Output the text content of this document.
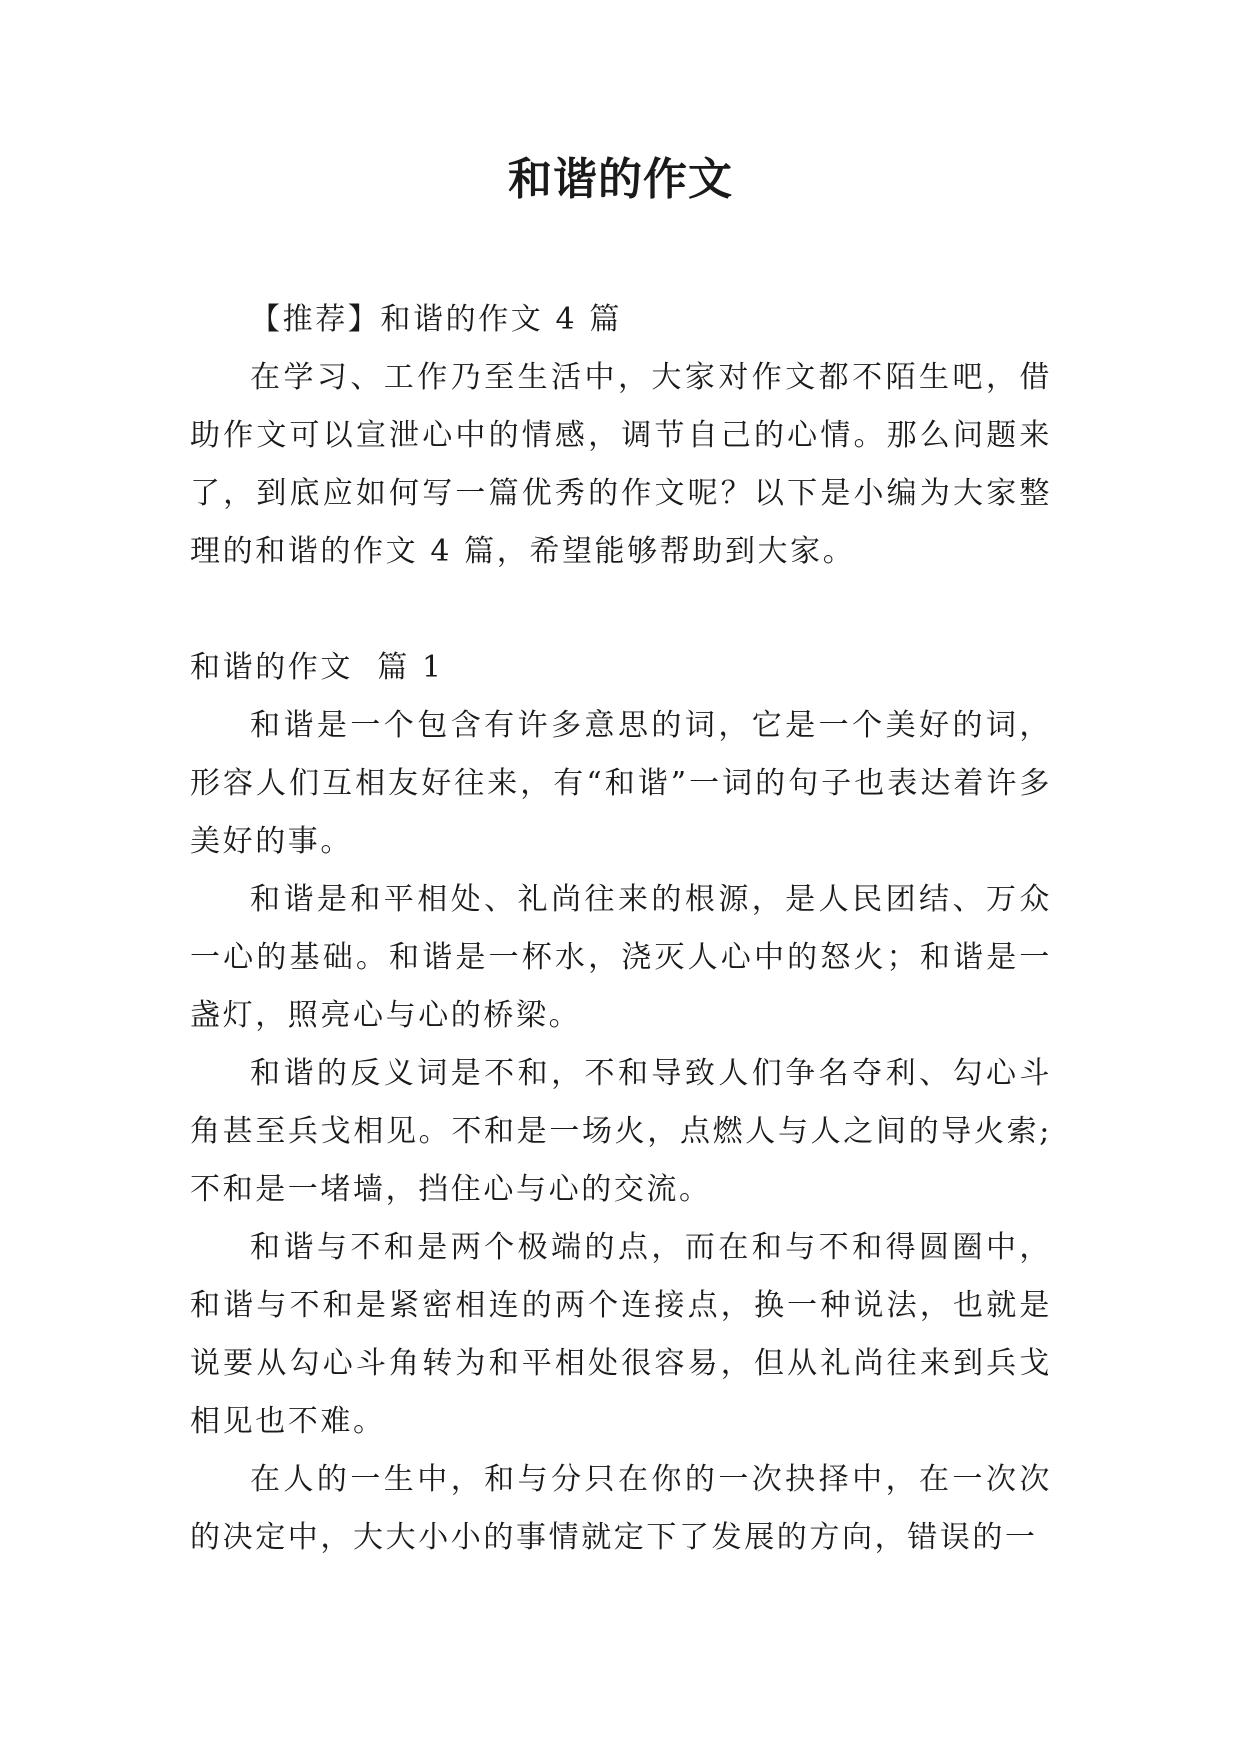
和谐的作文

【推荐】和谐的作文 4 篇

在学习、工作乃至生活中，大家对作文都不陌生吧，借助作文可以宣泄心中的情感，调节自己的心情。那么问题来了，到底应如何写一篇优秀的作文呢？以下是小编为大家整理的和谐的作文 4 篇，希望能够帮助到大家。

和谐的作文  篇 1

和谐是一个包含有许多意思的词，它是一个美好的词，形容人们互相友好往来，有“和谐”一词的句子也表达着许多美好的事。

和谐是和平相处、礼尚往来的根源，是人民团结、万众一心的基础。和谐是一杯水，浇灭人心中的怒火；和谐是一盏灯，照亮心与心的桥梁。

和谐的反义词是不和，不和导致人们争名夺利、勾心斗角甚至兵戈相见。不和是一场火，点燃人与人之间的导火索;不和是一堵墙，挡住心与心的交流。

和谐与不和是两个极端的点，而在和与不和得圆圈中，和谐与不和是紧密相连的两个连接点，换一种说法，也就是说要从勾心斗角转为和平相处很容易，但从礼尚往来到兵戈相见也不难。

在人的一生中，和与分只在你的一次抉择中，在一次次的决定中，大大小小的事情就定下了发展的方向，错误的一
